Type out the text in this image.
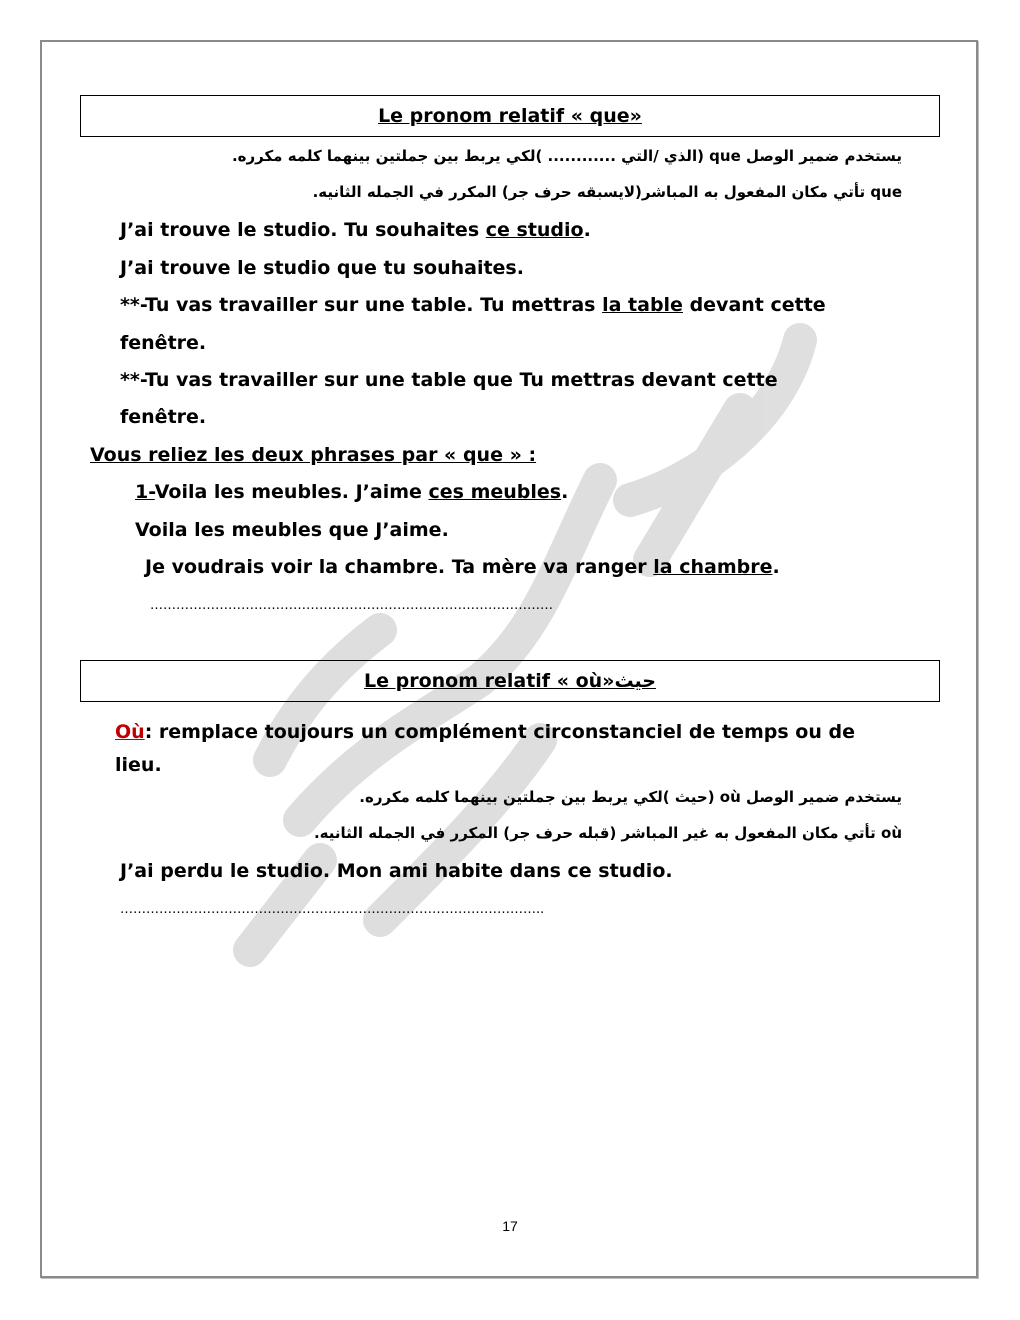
Le pronom relatif « que»
يستخدم ضمير الوصل que (الذي /التي ............ )لكي يربط بين جملتين بينهما كلمه مكرره.
que تأتي مكان المفعول به المباشر(لايسبقه حرف جر) المكرر في الجمله الثانيه.
J’ai trouve le studio. Tu souhaites ce studio.
J’ai trouve le studio que tu souhaites.
**-Tu vas travailler sur une table. Tu mettras la table devant cette
fenêtre.
**-Tu vas travailler sur une table que Tu mettras devant cette
fenêtre.
Vous reliez les deux phrases par « que » :
1-Voila les meubles. J’aime ces meubles.
Voila les meubles que J’aime.
Je voudrais voir la chambre. Ta mère va ranger la chambre.
…………………………………………………………………………………
Le pronom relatif « où»حيث
Où: remplace toujours un complément circonstanciel de temps ou de
lieu.
يستخدم ضمير الوصل où (حيث )لكي يربط بين جملتين بينهما كلمه مكرره.
où تأتي مكان المفعول به غير المباشر (قبله حرف جر) المكرر في الجمله الثانيه.
J’ai perdu le studio. Mon ami habite dans ce studio.
……………………………………………………………………………………..
17
